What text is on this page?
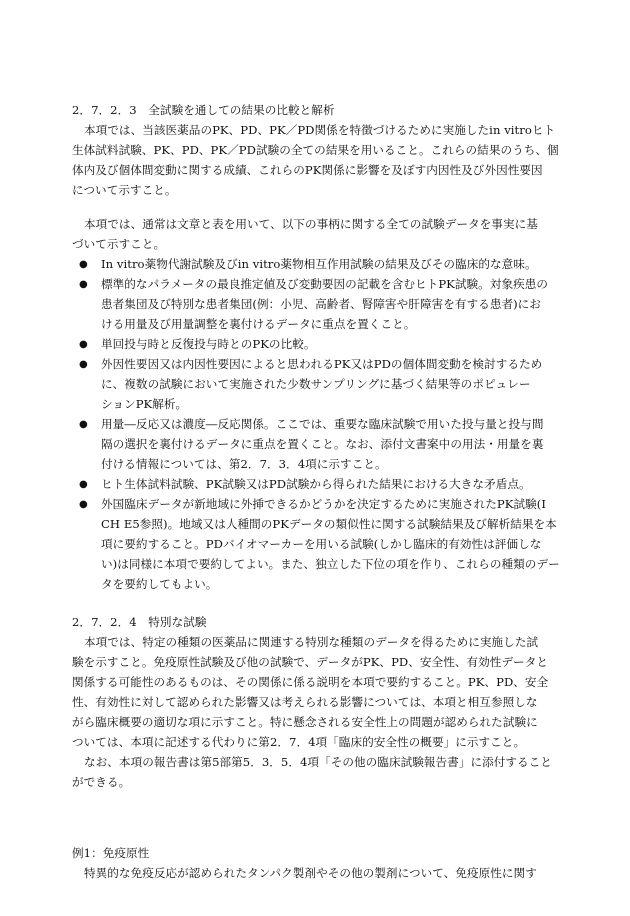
2．7．2．3　全試験を通しての結果の比較と解析
本項では、当該医薬品のPK、PD、PK／PD関係を特徴づけるために実施したin vitroヒト
生体試料試験、PK、PD、PK／PD試験の全ての結果を用いること。これらの結果のうち、個
体内及び個体間変動に関する成績、これらのPK関係に影響を及ぼす内因性及び外因性要因
について示すこと。
本項では、通常は文章と表を用いて、以下の事柄に関する全ての試験データを事実に基
づいて示すこと。
● In vitro薬物代謝試験及びin vitro薬物相互作用試験の結果及びその臨床的な意味。
● 標準的なパラメータの最良推定値及び変動要因の記載を含むヒトPK試験。対象疾患の
患者集団及び特別な患者集団(例：小児、高齢者、腎障害や肝障害を有する患者)にお
ける用量及び用量調整を裏付けるデータに重点を置くこと。
● 単回投与時と反復投与時とのPKの比較。
● 外因性要因又は内因性要因によると思われるPK又はPDの個体間変動を検討するため
に、複数の試験において実施された少数サンプリングに基づく結果等のポピュレー
ションPK解析。
● 用量―反応又は濃度―反応関係。ここでは、重要な臨床試験で用いた投与量と投与間
隔の選択を裏付けるデータに重点を置くこと。なお、添付文書案中の用法・用量を裏
付ける情報については、第2．7．3．4項に示すこと。
● ヒト生体試料試験、PK試験又はPD試験から得られた結果における大きな矛盾点。
● 外国臨床データが新地域に外挿できるかどうかを決定するために実施されたPK試験(I
CH E5参照)。地域又は人種間のPKデータの類似性に関する試験結果及び解析結果を本
項に要約すること。PDバイオマーカーを用いる試験(しかし臨床的有効性は評価しな
い)は同様に本項で要約してよい。また、独立した下位の項を作り、これらの種類のデー
タを要約してもよい。
2．7．2．4　特別な試験
本項では、特定の種類の医薬品に関連する特別な種類のデータを得るために実施した試
験を示すこと。免疫原性試験及び他の試験で、データがPK、PD、安全性、有効性データと
関係する可能性のあるものは、その関係に係る説明を本項で要約すること。PK、PD、安全
性、有効性に対して認められた影響又は考えられる影響については、本項と相互参照しな
がら臨床概要の適切な項に示すこと。特に懸念される安全性上の問題が認められた試験に
ついては、本項に記述する代わりに第2．7．4項「臨床的安全性の概要」に示すこと。
なお、本項の報告書は第5部第5．3．5．4項「その他の臨床試験報告書」に添付すること
ができる。
例1：免疫原性
特異的な免疫反応が認められたタンパク製剤やその他の製剤について、免疫原性に関す
